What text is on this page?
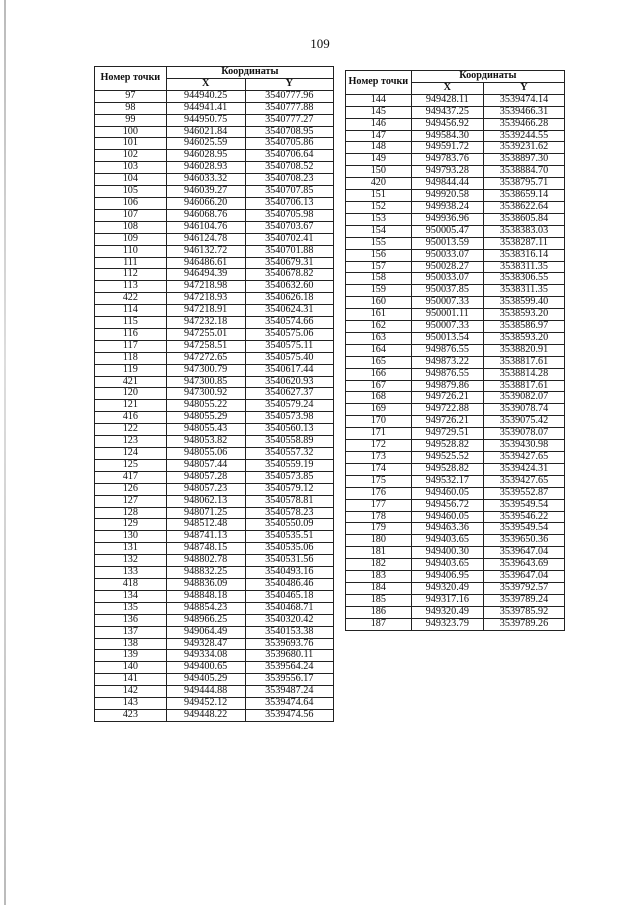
109
Номер точки	Координаты	
	X	Y
97	944940.25	3540777.96
98	944941.41	3540777.88
99	944950.75	3540777.27
100	946021.84	3540708.95
101	946025.59	3540705.86
102	946028.95	3540706.64
103	946028.93	3540708.52
104	946033.32	3540708.23
105	946039.27	3540707.85
106	946066.20	3540706.13
107	946068.76	3540705.98
108	946104.76	3540703.67
109	946124.78	3540702.41
110	946132.72	3540701.88
111	946486.61	3540679.31
112	946494.39	3540678.82
113	947218.98	3540632.60
422	947218.93	3540626.18
114	947218.91	3540624.31
115	947232.18	3540574.66
116	947255.01	3540575.06
117	947258.51	3540575.11
118	947272.65	3540575.40
119	947300.79	3540617.44
421	947300.85	3540620.93
120	947300.92	3540627.37
121	948055.22	3540579.24
416	948055.29	3540573.98
122	948055.43	3540560.13
123	948053.82	3540558.89
124	948055.06	3540557.32
125	948057.44	3540559.19
417	948057.28	3540573.85
126	948057.23	3540579.12
127	948062.13	3540578.81
128	948071.25	3540578.23
129	948512.48	3540550.09
130	948741.13	3540535.51
131	948748.15	3540535.06
132	948802.78	3540531.56
133	948832.25	3540493.16
418	948836.09	3540486.46
134	948848.18	3540465.18
135	948854.23	3540468.71
136	948966.25	3540320.42
137	949064.49	3540153.38
138	949328.47	3539693.76
139	949334.08	3539680.11
140	949400.65	3539564.24
141	949405.29	3539556.17
142	949444.88	3539487.24
143	949452.12	3539474.64
423	949448.22	3539474.56
Номер точки	Координаты	
	X	Y
144	949428.11	3539474.14
145	949437.25	3539466.31
146	949456.92	3539466.28
147	949584.30	3539244.55
148	949591.72	3539231.62
149	949783.76	3538897.30
150	949793.28	3538884.70
420	949844.44	3538795.71
151	949920.58	3538659.14
152	949938.24	3538622.64
153	949936.96	3538605.84
154	950005.47	3538383.03
155	950013.59	3538287.11
156	950033.07	3538316.14
157	950028.27	3538311.35
158	950033.07	3538306.55
159	950037.85	3538311.35
160	950007.33	3538599.40
161	950001.11	3538593.20
162	950007.33	3538586.97
163	950013.54	3538593.20
164	949876.55	3538820.91
165	949873.22	3538817.61
166	949876.55	3538814.28
167	949879.86	3538817.61
168	949726.21	3539082.07
169	949722.88	3539078.74
170	949726.21	3539075.42
171	949729.51	3539078.07
172	949528.82	3539430.98
173	949525.52	3539427.65
174	949528.82	3539424.31
175	949532.17	3539427.65
176	949460.05	3539552.87
177	949456.72	3539549.54
178	949460.05	3539546.22
179	949463.36	3539549.54
180	949403.65	3539650.36
181	949400.30	3539647.04
182	949403.65	3539643.69
183	949406.95	3539647.04
184	949320.49	3539792.57
185	949317.16	3539789.24
186	949320.49	3539785.92
187	949323.79	3539789.26
